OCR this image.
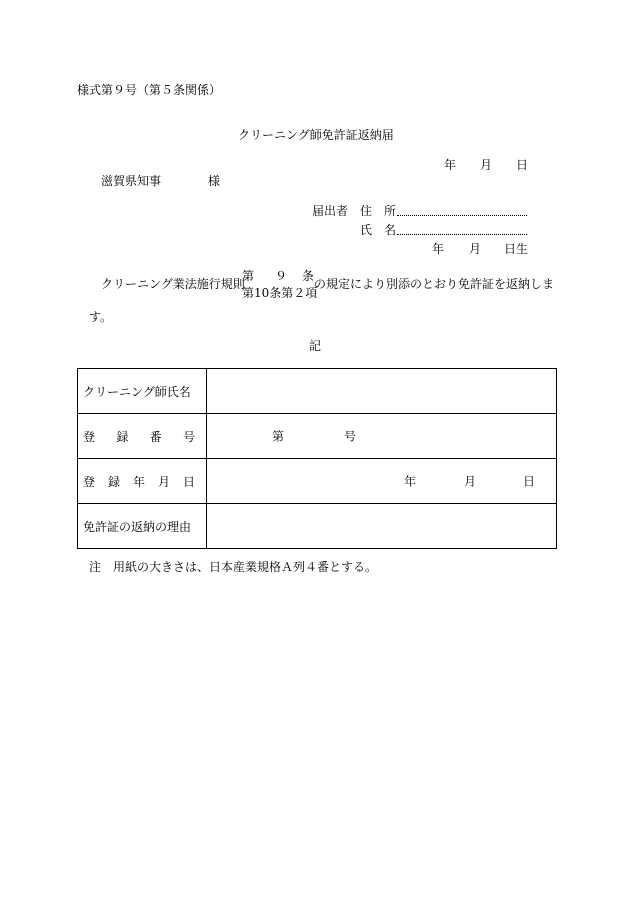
様式第９号（第５条関係）
クリーニング師免許証返納届
年 月 日
滋賀県知事	様
届出者 住 所
氏 名
年 月 日生
クリーニング業法施行規則
第 ９ 条
第10条第２項
の規定により別添のとおり免許証を返納しま
す。
記
クリーニング師氏名	

登 録 番 号	第 号

登 録 年 月 日	年 月 日

免許証の返納の理由	
注　用紙の大きさは、日本産業規格Ａ列４番とする。
